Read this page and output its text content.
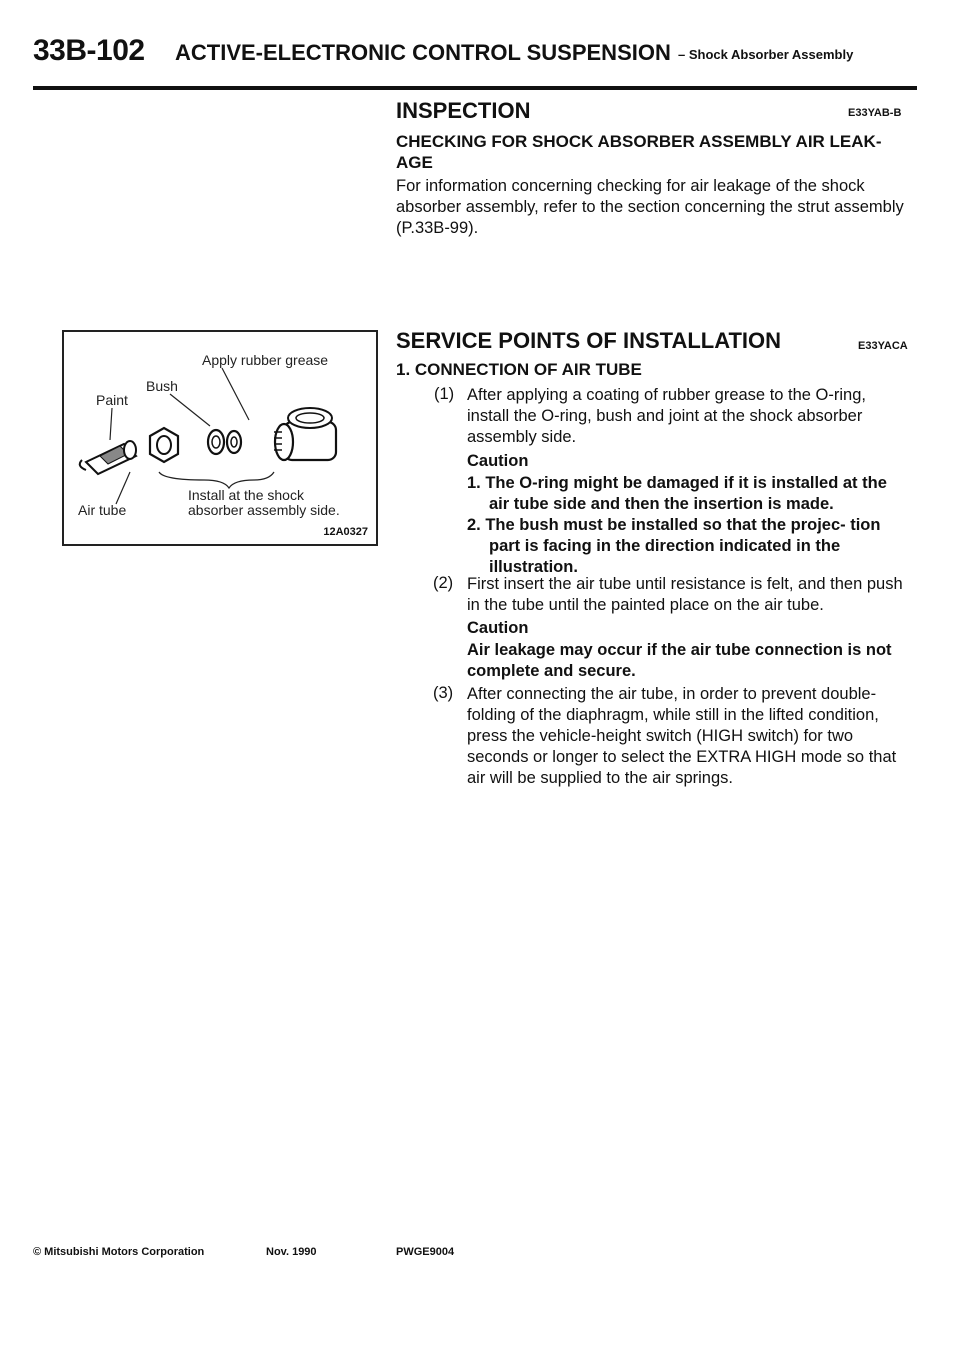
33B-102 ACTIVE-ELECTRONIC CONTROL SUSPENSION – Shock Absorber Assembly
INSPECTION	E33YAB-B
CHECKING FOR SHOCK ABSORBER ASSEMBLY AIR LEAK- AGE

For information concerning checking for air leakage of the shock absorber assembly, refer to the section concerning the strut assembly (P.33B-99).

Apply rubber grease
Bush
Paint
Install at the shock absorber assembly side.
Air tube
12A0327
SERVICE POINTS OF INSTALLATION	E33YACA
1. CONNECTION OF AIR TUBE
(1) After applying a coating of rubber grease to the O-ring, install the O-ring, bush and joint at the shock absorber assembly side.

Caution

1. The O-ring might be damaged if it is installed at the air tube side and then the insertion is made.

2. The bush must be installed so that the projec- tion part is facing in the direction indicated in the illustration.

(2) First insert the air tube until resistance is felt, and then push in the tube until the painted place on the air tube.

Caution

Air leakage may occur if the air tube connection is not complete and secure.

(3) After connecting the air tube, in order to prevent double-folding of the diaphragm, while still in the lifted condition, press the vehicle-height switch (HIGH switch) for two seconds or longer to select the EXTRA HIGH mode so that air will be supplied to the air springs.

© Mitsubishi Motors Corporation	Nov. 1990	PWGE9004
